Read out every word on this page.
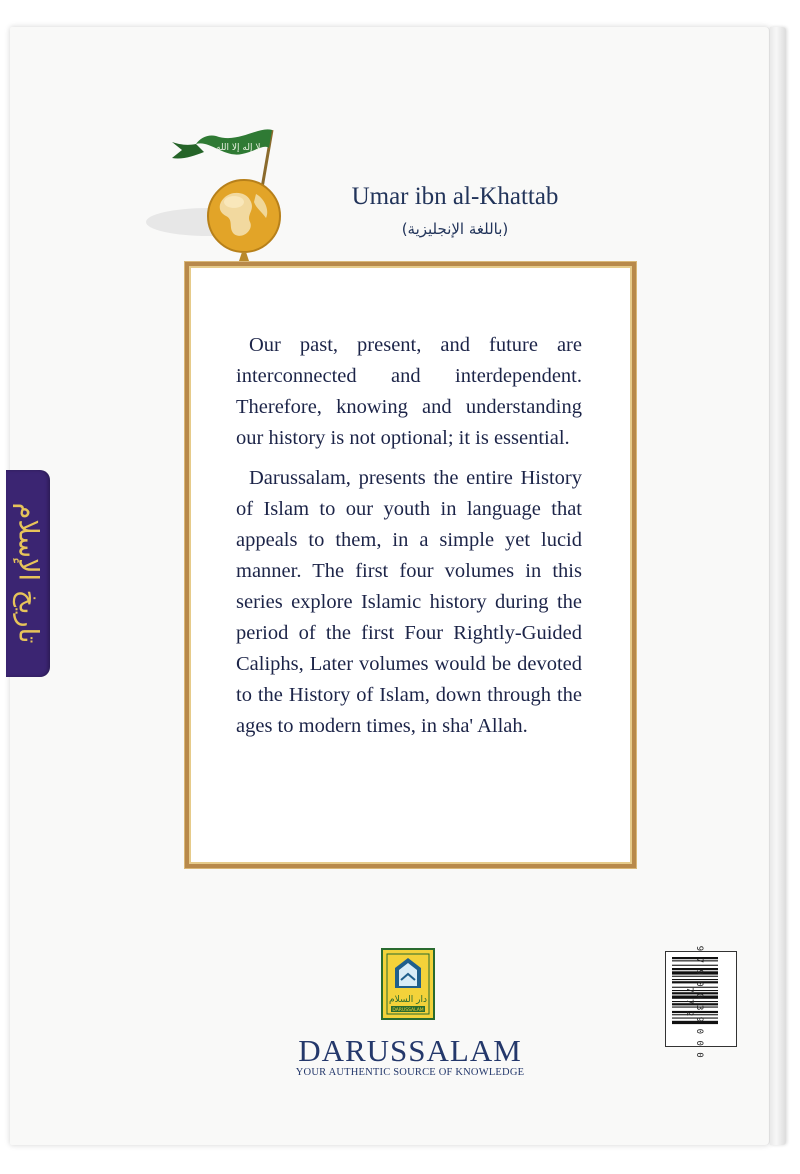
لا إله إلا الله
Umar ibn al-Khattab
(باللغة الإنجليزية)

Our past, present, and future are interconnected and interdependent. Therefore, knowing and understanding our history is not optional; it is essential.

Darussalam, presents the entire History of Islam to our youth in language that appeals to them, in a simple yet lucid manner. The first four volumes in this series explore Islamic history during the period of the first Four Rightly-Guided Caliphs, Later volumes would be devoted to the History of Islam, down through the ages to modern times, in sha' Allah.

تاريخ الإسلام
دار السلام
DARUSSALAM
DARUSSALAM
YOUR AUTHENTIC SOURCE OF KNOWLEDGE
9 7 9 0 0 3 9 0 0 0 7 7 2
